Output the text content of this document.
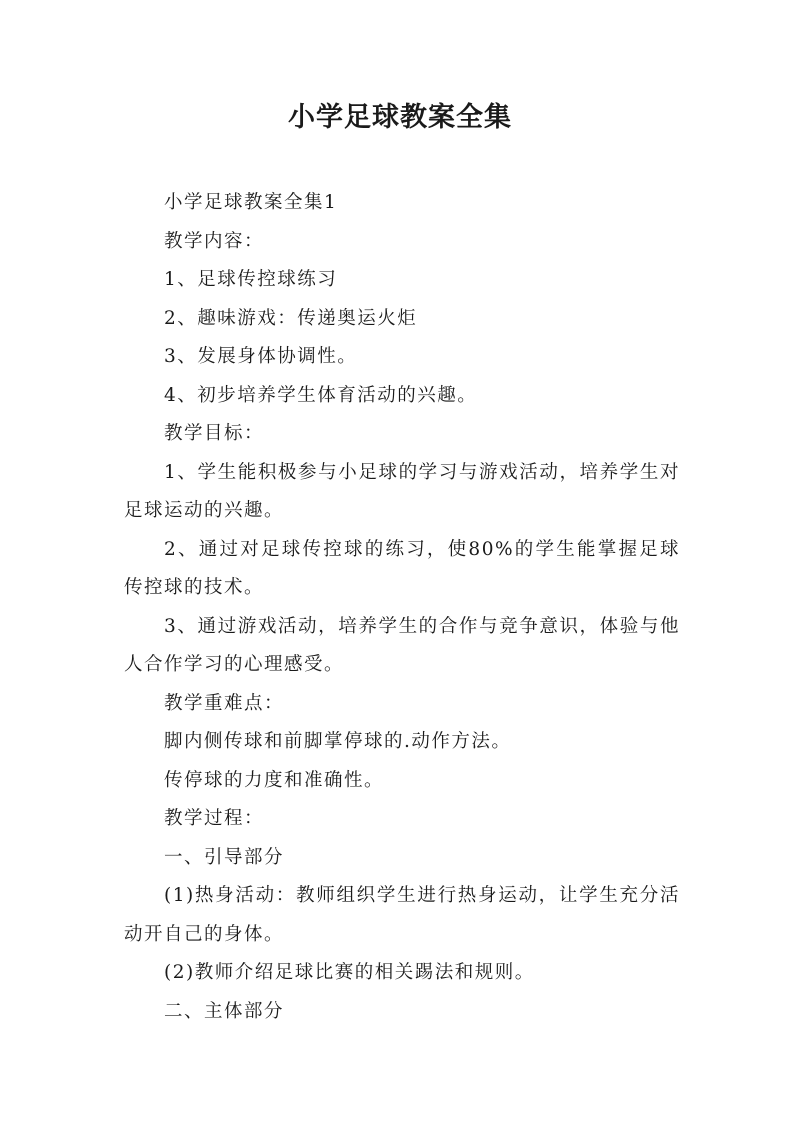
小学足球教案全集

小学足球教案全集1

教学内容：

1、足球传控球练习

2、趣味游戏：传递奥运火炬

3、发展身体协调性。

4、初步培养学生体育活动的兴趣。

教学目标：

1、学生能积极参与小足球的学习与游戏活动，培养学生对足球运动的兴趣。

2、通过对足球传控球的练习，使80%的学生能掌握足球传控球的技术。

3、通过游戏活动，培养学生的合作与竞争意识，体验与他人合作学习的心理感受。

教学重难点：

脚内侧传球和前脚掌停球的.动作方法。

传停球的力度和准确性。

教学过程：

一、引导部分

(1)热身活动：教师组织学生进行热身运动，让学生充分活动开自己的身体。

(2)教师介绍足球比赛的相关踢法和规则。

二、主体部分
